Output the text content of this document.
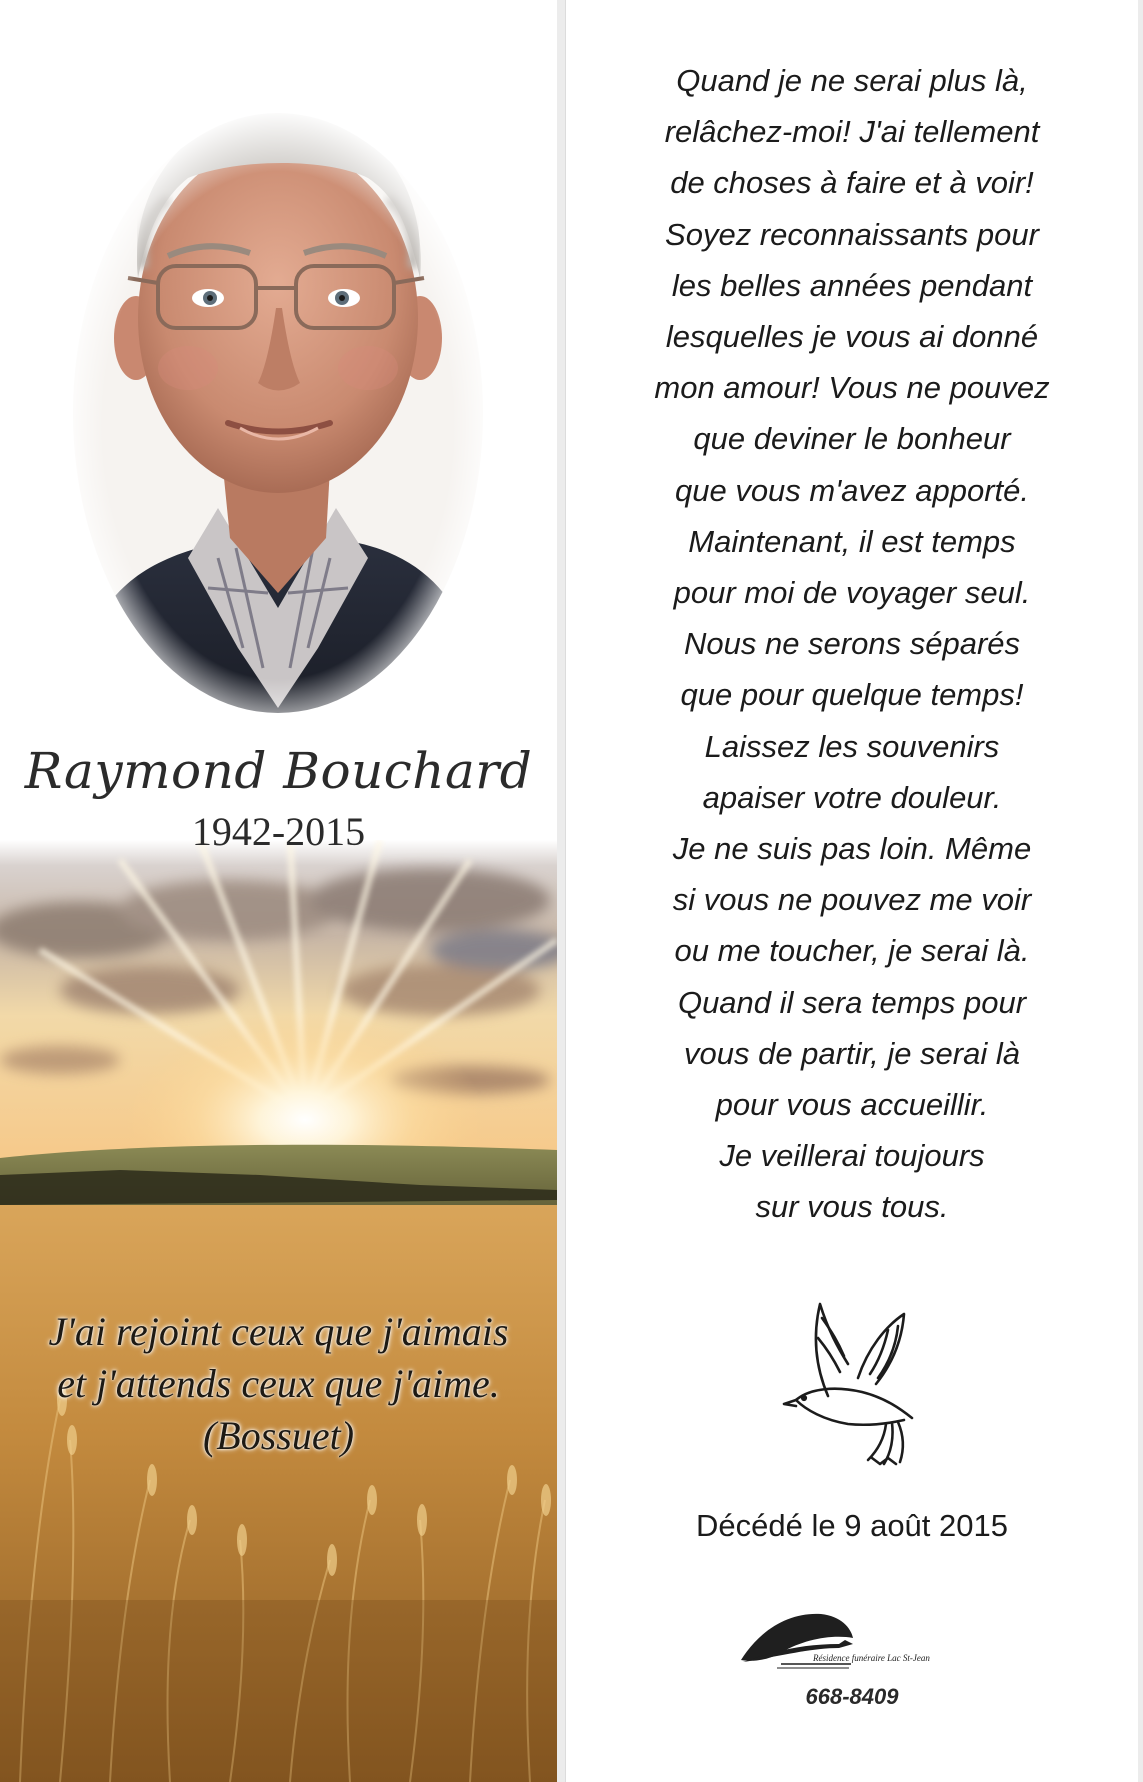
Raymond Bouchard
1942-2015
J'ai rejoint ceux que j'aimais
et j'attends ceux que j'aime.
(Bossuet)
Quand je ne serai plus là,
relâchez-moi! J'ai tellement
de choses à faire et à voir!
Soyez reconnaissants pour
les belles années pendant
lesquelles je vous ai donné
mon amour! Vous ne pouvez
que deviner le bonheur
que vous m'avez apporté.
Maintenant, il est temps
pour moi de voyager seul.
Nous ne serons séparés
que pour quelque temps!
Laissez les souvenirs
apaiser votre douleur.
Je ne suis pas loin. Même
si vous ne pouvez me voir
ou me toucher, je serai là.
Quand il sera temps pour
vous de partir, je serai là
pour vous accueillir.
Je veillerai toujours
sur vous tous.
Décédé le 9 août 2015
Résidence funéraire Lac St-Jean
668-8409
